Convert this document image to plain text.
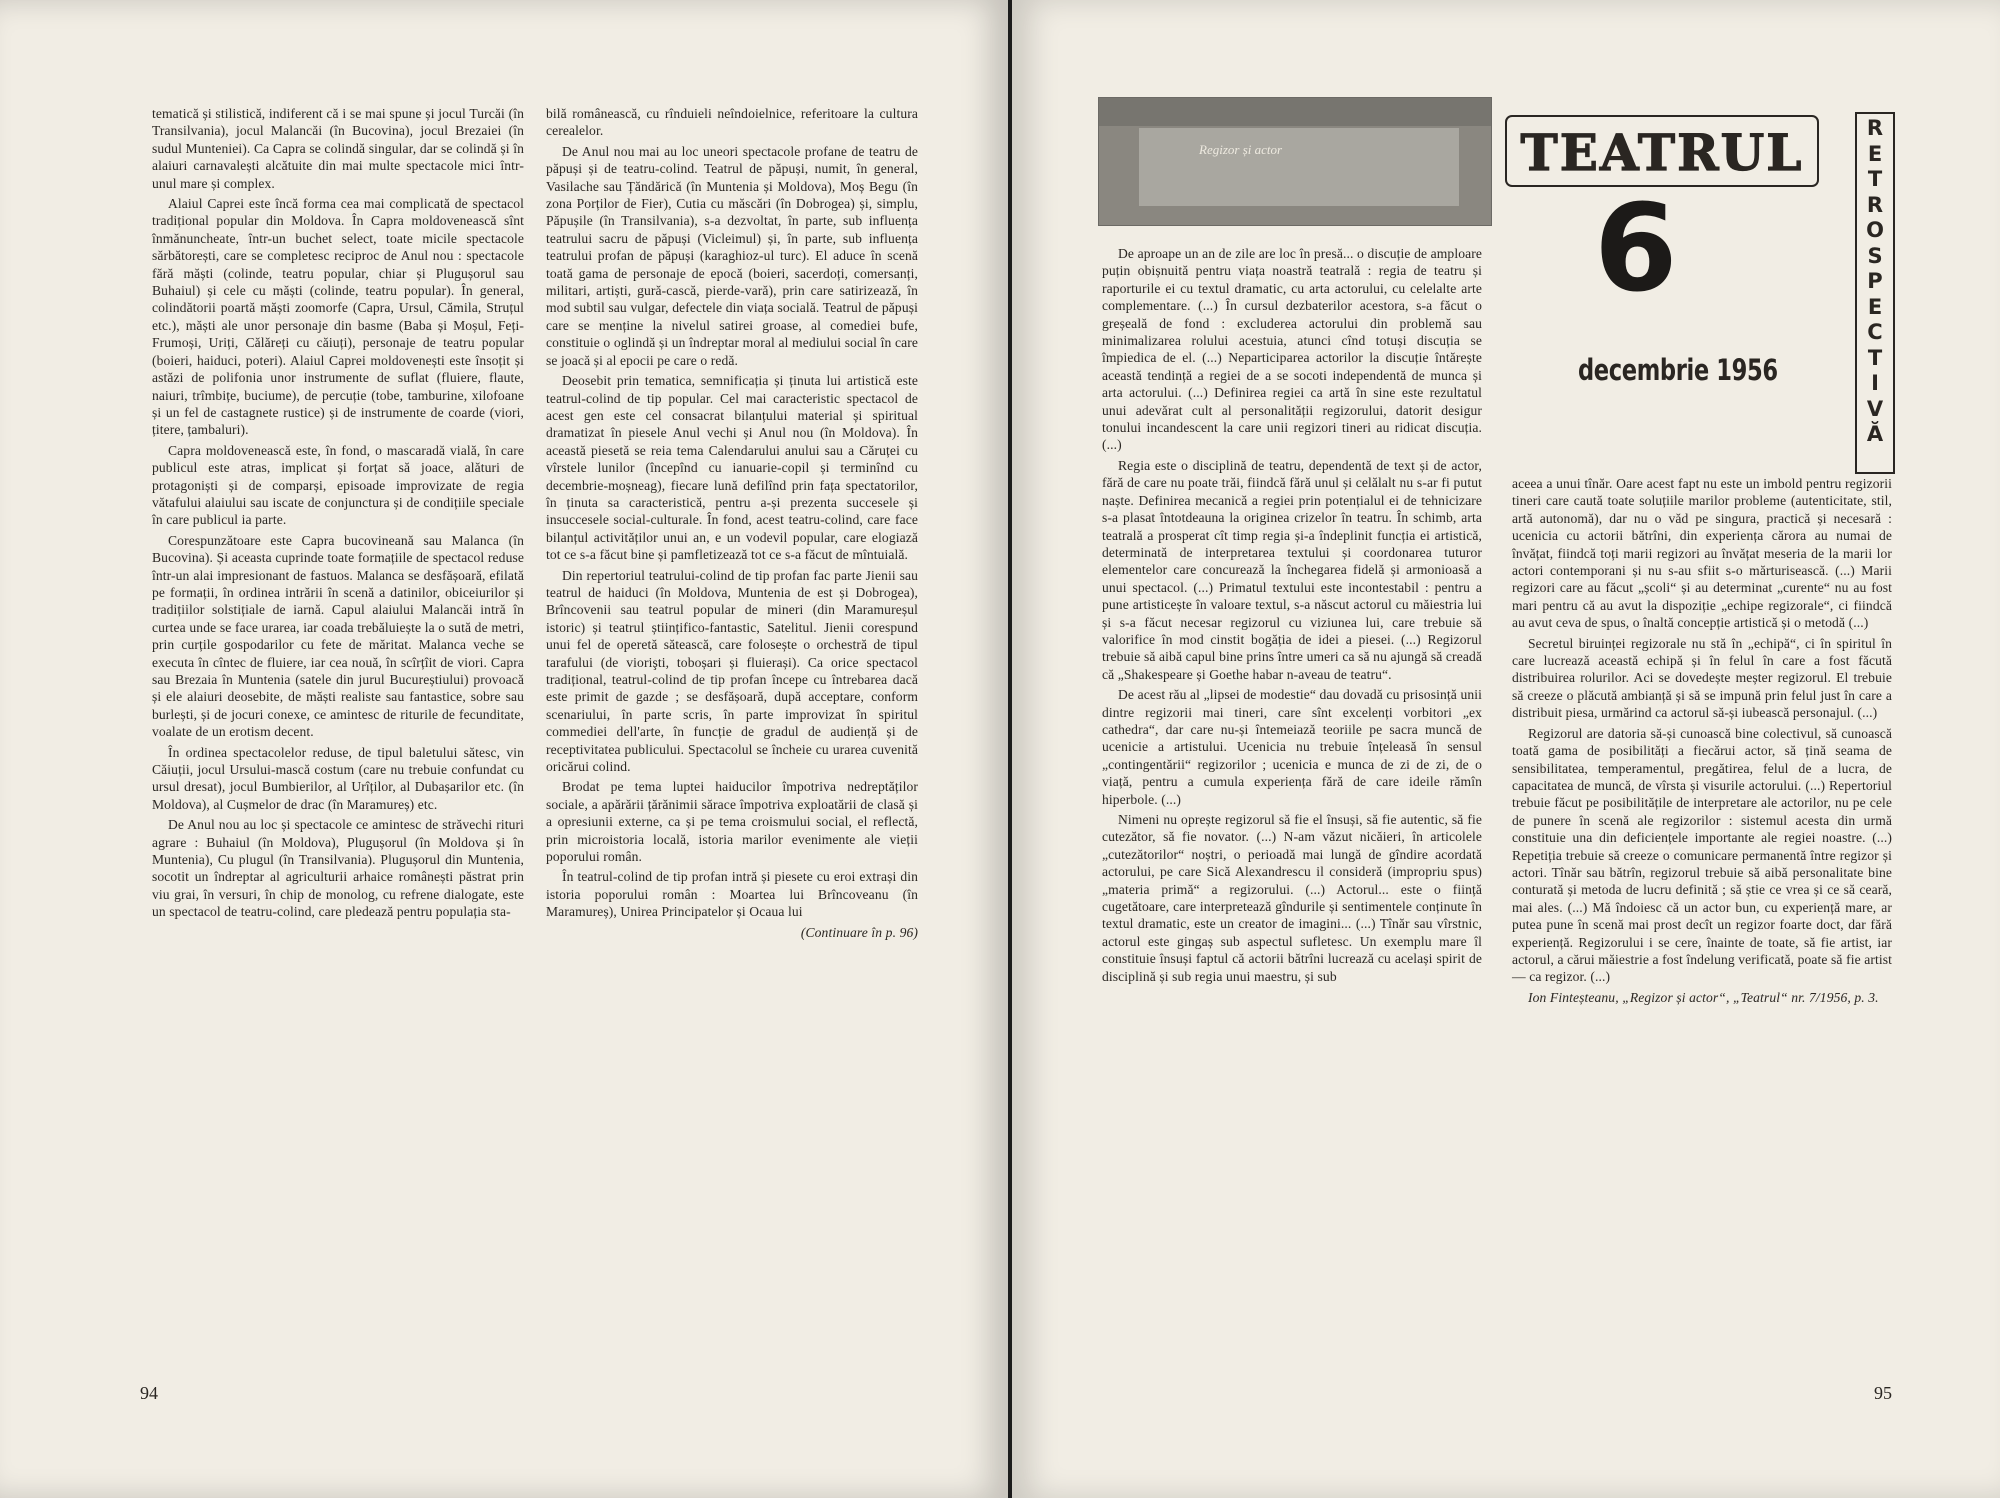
tematică și stilistică, indiferent că i se mai spune și jocul Turcăi (în Transilvania), jocul Malancăi (în Bucovina), jocul Brezaiei (în sudul Munteniei). Ca Capra se colindă singular, dar se colindă și în alaiuri carnavalești alcătuite din mai multe spectacole mici într-unul mare și complex.

Alaiul Caprei este încă forma cea mai complicată de spectacol tradițional popular din Moldova. În Capra moldovenească sînt înmănuncheate, într-un buchet select, toate micile spectacole sărbătorești, care se completesc reciproc de Anul nou : spectacole fără măști (colinde, teatru popular, chiar și Plugușorul sau Buhaiul) și cele cu măști (colinde, teatru popular). În general, colindătorii poartă măști zoomorfe (Capra, Ursul, Cămila, Struțul etc.), măști ale unor personaje din basme (Baba și Moșul, Feți-Frumoși, Uriți, Călăreți cu căiuți), personaje de teatru popular (boieri, haiduci, poteri). Alaiul Caprei moldovenești este însoțit și astăzi de polifonia unor instrumente de suflat (fluiere, flaute, naiuri, trîmbițe, buciume), de percuție (tobe, tamburine, xilofoane și un fel de castagnete rustice) și de instrumente de coarde (viori, țitere, țambaluri).

Capra moldovenească este, în fond, o mascaradă vială, în care publicul este atras, implicat și forțat să joace, alături de protagoniști și de comparși, episoade improvizate de regia vătafului alaiului sau iscate de conjunctura și de condițiile speciale în care publicul ia parte.

Corespunzătoare este Capra bucovineană sau Malanca (în Bucovina). Și aceasta cuprinde toate formațiile de spectacol reduse într-un alai impresionant de fastuos. Malanca se desfășoară, efilată pe formații, în ordinea intrării în scenă a datinilor, obiceiurilor și tradițiilor solstițiale de iarnă. Capul alaiului Malancăi intră în curtea unde se face urarea, iar coada trebăluiește la o sută de metri, prin curțile gospodarilor cu fete de măritat. Malanca veche se executa în cîntec de fluiere, iar cea nouă, în scîrțîit de viori. Capra sau Brezaia în Muntenia (satele din jurul Bucureștiului) provoacă și ele alaiuri deosebite, de măști realiste sau fantastice, sobre sau burlești, și de jocuri conexe, ce amintesc de riturile de fecunditate, voalate de un erotism decent.

În ordinea spectacolelor reduse, de tipul baletului sătesc, vin Căiuții, jocul Ursului-mască costum (care nu trebuie confundat cu ursul dresat), jocul Bumbierilor, al Urîților, al Dubașarilor etc. (în Moldova), al Cușmelor de drac (în Maramureș) etc.

De Anul nou au loc și spectacole ce amintesc de străvechi rituri agrare : Buhaiul (în Moldova), Plugușorul (în Moldova și în Muntenia), Cu plugul (în Transilvania). Plugușorul din Muntenia, socotit un îndreptar al agriculturii arhaice românești păstrat prin viu grai, în versuri, în chip de monolog, cu refrene dialogate, este un spectacol de teatru-colind, care pledează pentru populația sta-

bilă românească, cu rînduieli neîndoielnice, referitoare la cultura cerealelor.

De Anul nou mai au loc uneori spectacole profane de teatru de păpuși și de teatru-colind. Teatrul de păpuși, numit, în general, Vasilache sau Țăndărică (în Muntenia și Moldova), Moș Begu (în zona Porților de Fier), Cutia cu măscări (în Dobrogea) și, simplu, Păpușile (în Transilvania), s-a dezvoltat, în parte, sub influența teatrului sacru de păpuși (Vicleimul) și, în parte, sub influența teatrului profan de păpuși (karaghioz-ul turc). El aduce în scenă toată gama de personaje de epocă (boieri, sacerdoți, comersanți, militari, artiști, gură-cască, pierde-vară), prin care satirizează, în mod subtil sau vulgar, defectele din viața socială. Teatrul de păpuși care se menține la nivelul satirei groase, al comediei bufe, constituie o oglindă și un îndreptar moral al mediului social în care se joacă și al epocii pe care o redă.

Deosebit prin tematica, semnificația și ținuta lui artistică este teatrul-colind de tip popular. Cel mai caracteristic spectacol de acest gen este cel consacrat bilanțului material și spiritual dramatizat în piesele Anul vechi și Anul nou (în Moldova). În această piesetă se reia tema Calendarului anului sau a Căruței cu vîrstele lunilor (începînd cu ianuarie-copil și terminînd cu decembrie-moșneag), fiecare lună defilînd prin fața spectatorilor, în ținuta sa caracteristică, pentru a-și prezenta succesele și insuccesele social-culturale. În fond, acest teatru-colind, care face bilanțul activităților unui an, e un vodevil popular, care elogiază tot ce s-a făcut bine și pamfletizează tot ce s-a făcut de mîntuială.

Din repertoriul teatrului-colind de tip profan fac parte Jienii sau teatrul de haiduci (în Moldova, Muntenia de est și Dobrogea), Brîncovenii sau teatrul popular de mineri (din Maramureșul istoric) și teatrul științifico-fantastic, Satelitul. Jienii corespund unui fel de operetă sătească, care folosește o orchestră de tipul tarafului (de viorişti, toboșari și fluierași). Ca orice spectacol tradițional, teatrul-colind de tip profan începe cu întrebarea dacă este primit de gazde ; se desfășoară, după acceptare, conform scenariului, în parte scris, în parte improvizat în spiritul commediei dell'arte, în funcție de gradul de audiență și de receptivitatea publicului. Spectacolul se încheie cu urarea cuvenită oricărui colind.

Brodat pe tema luptei haiducilor împotriva nedreptăților sociale, a apărării țărănimii sărace împotriva exploatării de clasă și a opresiunii externe, ca și pe tema croismului social, el reflectă, prin microistoria locală, istoria marilor evenimente ale vieții poporului român.

În teatrul-colind de tip profan intră și piesete cu eroi extrași din istoria poporului român : Moartea lui Brîncoveanu (în Maramureș), Unirea Principatelor și Ocaua lui

(Continuare în p. 96)

94
Regizor și actor	TEATRUL
6
decembrie 1956
R
E
T
R
O
S
P
E
C
T
I
V
Ă

De aproape un an de zile are loc în presă... o discuție de amploare puțin obișnuită pentru viața noastră teatrală : regia de teatru și raporturile ei cu textul dramatic, cu arta actorului, cu celelalte arte complementare. (...) În cursul dezbaterilor acestora, s-a făcut o greșeală de fond : excluderea actorului din problemă sau minimalizarea rolului acestuia, atunci cînd totuși discuția se împiedica de el. (...) Neparticiparea actorilor la discuție întărește această tendință a regiei de a se socoti independentă de munca și arta actorului. (...) Definirea regiei ca artă în sine este rezultatul unui adevărat cult al personalității regizorului, datorit desigur tonului incandescent la care unii regizori tineri au ridicat discuția. (...)

Regia este o disciplină de teatru, dependentă de text și de actor, fără de care nu poate trăi, fiindcă fără unul și celălalt nu s-ar fi putut naște. Definirea mecanică a regiei prin potențialul ei de tehnicizare s-a plasat întotdeauna la originea crizelor în teatru. În schimb, arta teatrală a prosperat cît timp regia și-a îndeplinit funcția ei artistică, determinată de interpretarea textului și coordonarea tuturor elementelor care concurează la închegarea fidelă și armonioasă a unui spectacol. (...) Primatul textului este incontestabil : pentru a pune artisticește în valoare textul, s-a născut actorul cu măiestria lui și s-a făcut necesar regizorul cu viziunea lui, care trebuie să valorifice în mod cinstit bogăția de idei a piesei. (...) Regizorul trebuie să aibă capul bine prins între umeri ca să nu ajungă să creadă că „Shakespeare și Goethe habar n-aveau de teatru“.

De acest rău al „lipsei de modestie“ dau dovadă cu prisosință unii dintre regizorii mai tineri, care sînt excelenți vorbitori „ex cathedra“, dar care nu-și întemeiază teoriile pe sacra muncă de ucenicie a artistului. Ucenicia nu trebuie înțeleasă în sensul „contingentării“ regizorilor ; ucenicia e munca de zi de zi, de o viață, pentru a cumula experiența fără de care ideile rămîn hiperbole. (...)

Nimeni nu oprește regizorul să fie el însuși, să fie autentic, să fie cutezător, să fie novator. (...) N-am văzut nicăieri, în articolele „cutezătorilor“ noștri, o perioadă mai lungă de gîndire acordată actorului, pe care Sică Alexandrescu il consideră (impropriu spus) „materia primă“ a regizorului. (...) Actorul... este o ființă cugetătoare, care interpretează gîndurile și sentimentele conținute în textul dramatic, este un creator de imagini... (...) Tînăr sau vîrstnic, actorul este gingaș sub aspectul sufletesc. Un exemplu mare îl constituie însuși faptul că actorii bătrîni lucrează cu același spirit de disciplină și sub regia unui maestru, și sub

aceea a unui tînăr. Oare acest fapt nu este un imbold pentru regizorii tineri care caută toate soluțiile marilor probleme (autenticitate, stil, artă autonomă), dar nu o văd pe singura, practică și necesară : ucenicia cu actorii bătrîni, din experiența cărora au numai de învățat, fiindcă toți marii regizori au învățat meseria de la marii lor actori contemporani și nu s-au sfiit s-o mărturisească. (...) Marii regizori care au făcut „școli“ și au determinat „curente“ nu au fost mari pentru că au avut la dispoziție „echipe regizorale“, ci fiindcă au avut ceva de spus, o înaltă concepție artistică și o metodă (...)

Secretul biruinței regizorale nu stă în „echipă“, ci în spiritul în care lucrează această echipă și în felul în care a fost făcută distribuirea rolurilor. Aci se dovedește meșter regizorul. El trebuie să creeze o plăcută ambianță și să se impună prin felul just în care a distribuit piesa, urmărind ca actorul să-și iubească personajul. (...)

Regizorul are datoria să-și cunoască bine colectivul, să cunoască toată gama de posibilități a fiecărui actor, să țină seama de sensibilitatea, temperamentul, pregătirea, felul de a lucra, de capacitatea de muncă, de vîrsta și visurile actorului. (...) Repertoriul trebuie făcut pe posibilitățile de interpretare ale actorilor, nu pe cele de punere în scenă ale regizorilor : sistemul acesta din urmă constituie una din deficiențele importante ale regiei noastre. (...) Repetiția trebuie să creeze o comunicare permanentă între regizor și actori. Tînăr sau bătrîn, regizorul trebuie să aibă personalitate bine conturată și metoda de lucru definită ; să știe ce vrea și ce să ceară, mai ales. (...) Mă îndoiesc că un actor bun, cu experiență mare, ar putea pune în scenă mai prost decît un regizor foarte doct, dar fără experiență. Regizorului i se cere, înainte de toate, să fie artist, iar actorul, a cărui măiestrie a fost îndelung verificată, poate să fie artist — ca regizor. (...)

Ion Finteșteanu, „Regizor și actor“, „Teatrul“ nr. 7/1956, p. 3.

95
